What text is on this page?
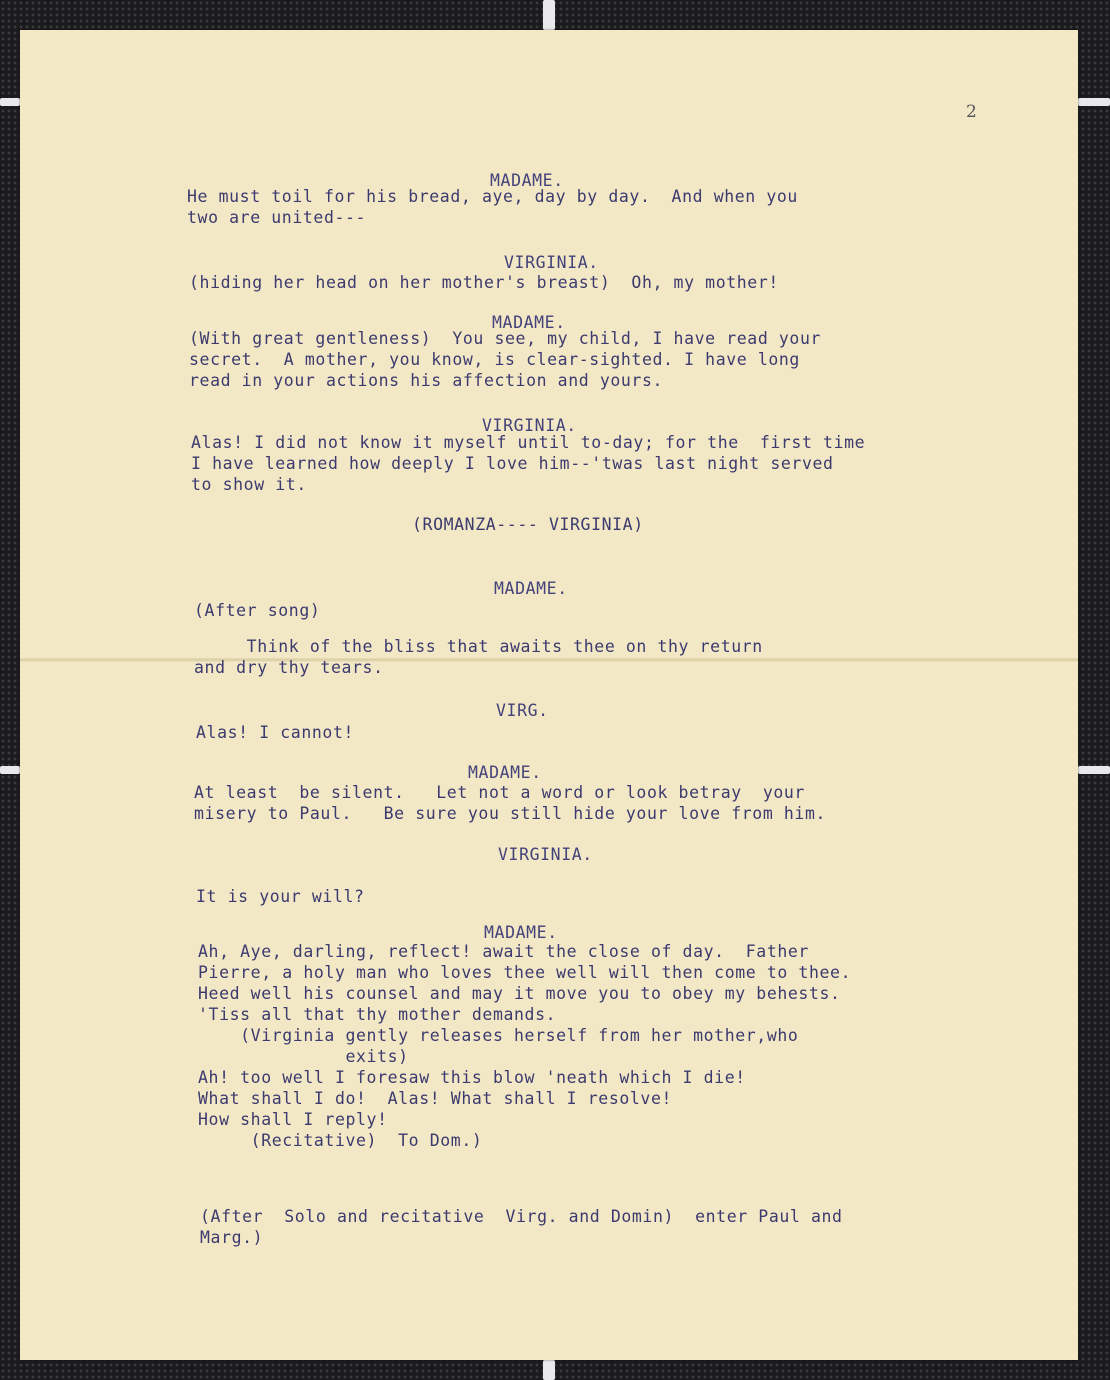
2
MADAME.
He must toil for his bread, aye, day by day.  And when you
two are united---
VIRGINIA.
(hiding her head on her mother's breast)  Oh, my mother!
MADAME.
(With great gentleness)  You see, my child, I have read your
secret.  A mother, you know, is clear-sighted. I have long
read in your actions his affection and yours.
VIRGINIA.
Alas! I did not know it myself until to-day; for the  first time
I have learned how deeply I love him--'twas last night served
to show it.
(ROMANZA---- VIRGINIA)
MADAME.
(After song)
Think of the bliss that awaits thee on thy return
and dry thy tears.
VIRG.
Alas! I cannot!
MADAME.
At least  be silent.   Let not a word or look betray  your
misery to Paul.   Be sure you still hide your love from him.
VIRGINIA.
It is your will?
MADAME.
Ah, Aye, darling, reflect! await the close of day.  Father
Pierre, a holy man who loves thee well will then come to thee.
Heed well his counsel and may it move you to obey my behests.
'Tiss all that thy mother demands.
(Virginia gently releases herself from her mother,who
exits)
Ah! too well I foresaw this blow 'neath which I die!
What shall I do!  Alas! What shall I resolve!
How shall I reply!
(Recitative)  To Dom.)
(After  Solo and recitative  Virg. and Domin)  enter Paul and
Marg.)
